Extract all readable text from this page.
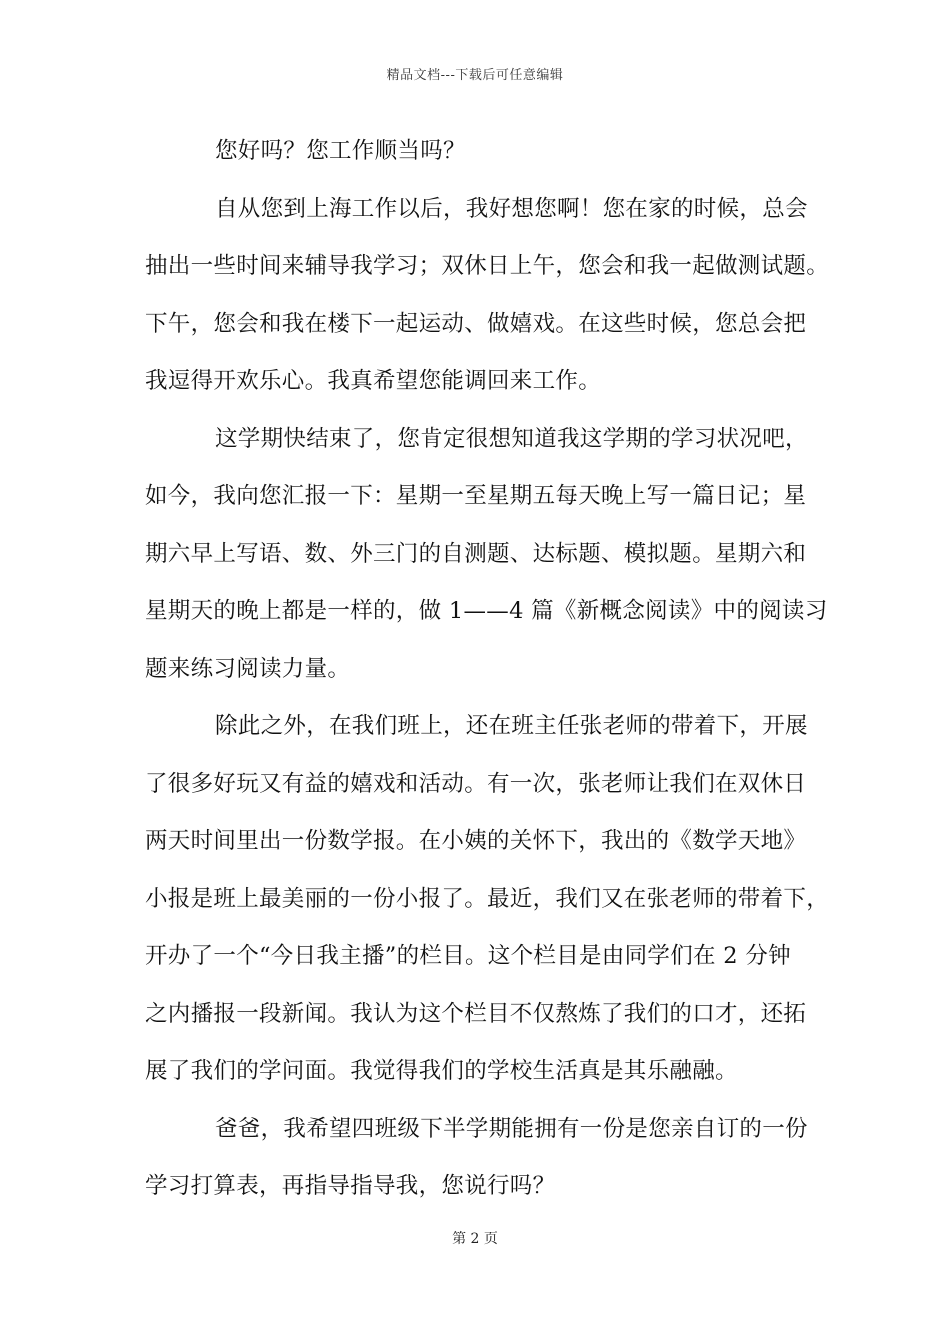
精品文档---下载后可任意编辑
您好吗？您工作顺当吗？
自从您到上海工作以后，我好想您啊！您在家的时候，总会
抽出一些时间来辅导我学习；双休日上午，您会和我一起做测试题。
下午，您会和我在楼下一起运动、做嬉戏。在这些时候，您总会把
我逗得开欢乐心。我真希望您能调回来工作。
这学期快结束了，您肯定很想知道我这学期的学习状况吧，
如今，我向您汇报一下：星期一至星期五每天晚上写一篇日记；星
期六早上写语、数、外三门的自测题、达标题、模拟题。星期六和
星期天的晚上都是一样的，做 1——4 篇《新概念阅读》中的阅读习
题来练习阅读力量。
除此之外，在我们班上，还在班主任张老师的带着下，开展
了很多好玩又有益的嬉戏和活动。有一次，张老师让我们在双休日
两天时间里出一份数学报。在小姨的关怀下，我出的《数学天地》
小报是班上最美丽的一份小报了。最近，我们又在张老师的带着下，
开办了一个“今日我主播”的栏目。这个栏目是由同学们在 2 分钟
之内播报一段新闻。我认为这个栏目不仅熬炼了我们的口才，还拓
展了我们的学问面。我觉得我们的学校生活真是其乐融融。
爸爸，我希望四班级下半学期能拥有一份是您亲自订的一份
学习打算表，再指导指导我，您说行吗？
第 2 页
